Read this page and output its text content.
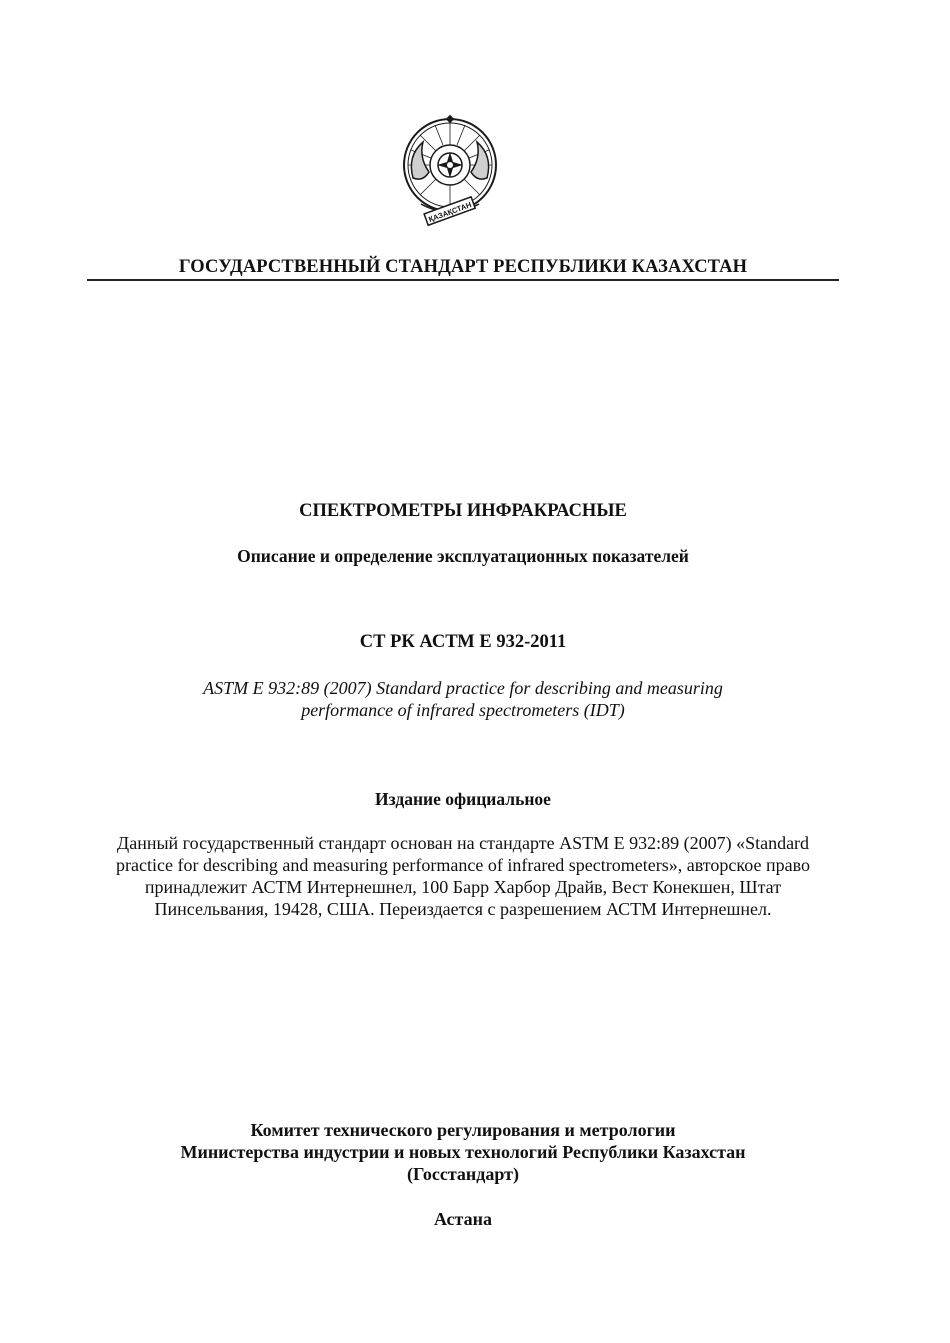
ҚАЗАҚСТАН
ГОСУДАРСТВЕННЫЙ СТАНДАРТ РЕСПУБЛИКИ КАЗАХСТАН
СПЕКТРОМЕТРЫ ИНФРАКРАСНЫЕ
Описание и определение эксплуатационных показателей
СТ РК АСТМ Е 932-2011
ASTM E 932:89 (2007) Standard practice for describing and measuring
performance of infrared spectrometers (IDT)
Издание официальное
Данный государственный стандарт основан на стандарте ASTM E 932:89 (2007) «Standard
practice for describing and measuring performance of infrared spectrometers», авторское право
принадлежит АСТМ Интернешнел, 100 Барр Харбор Драйв, Вест Конекшен, Штат
Пинсельвания, 19428, США. Переиздается с разрешением АСТМ Интернешнел.
Комитет технического регулирования и метрологии
Министерства индустрии и новых технологий Республики Казахстан
(Госстандарт)
Астана
